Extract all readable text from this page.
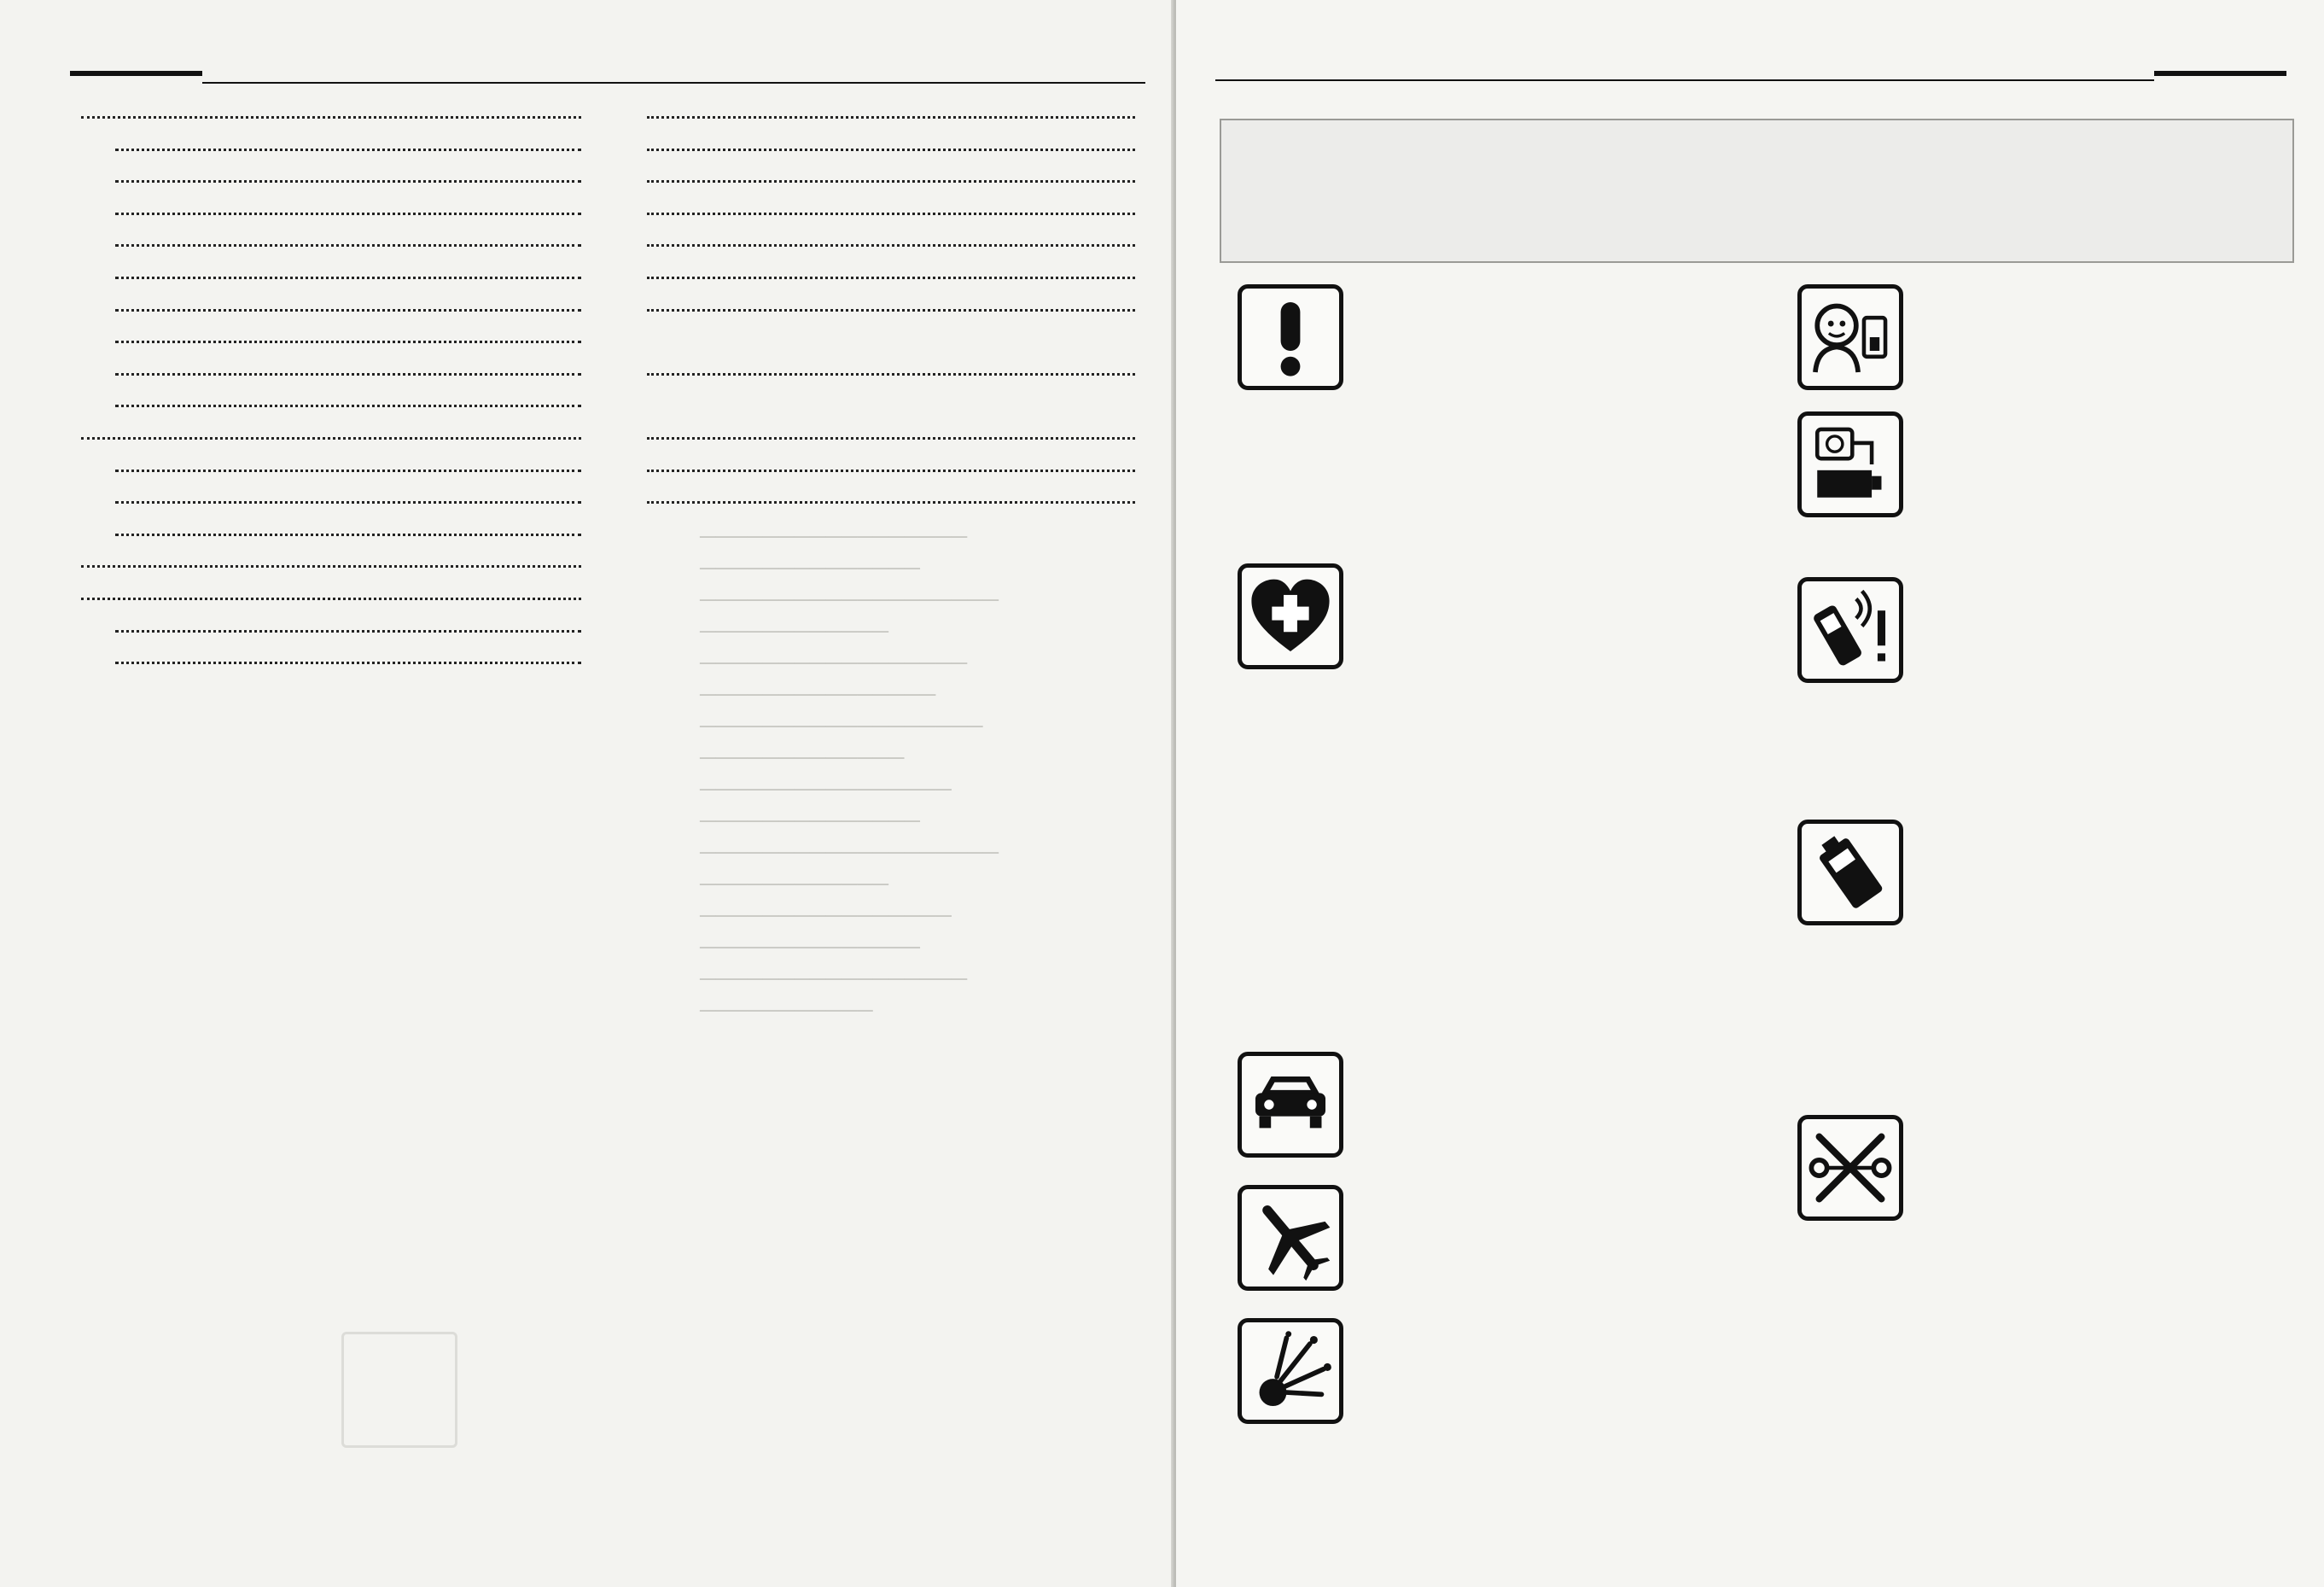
─────────────────
──────────────
───────────────────
────────────
─────────────────
───────────────
──────────────────
─────────────
────────────────
──────────────
───────────────────
────────────
────────────────
──────────────
─────────────────
───────────
